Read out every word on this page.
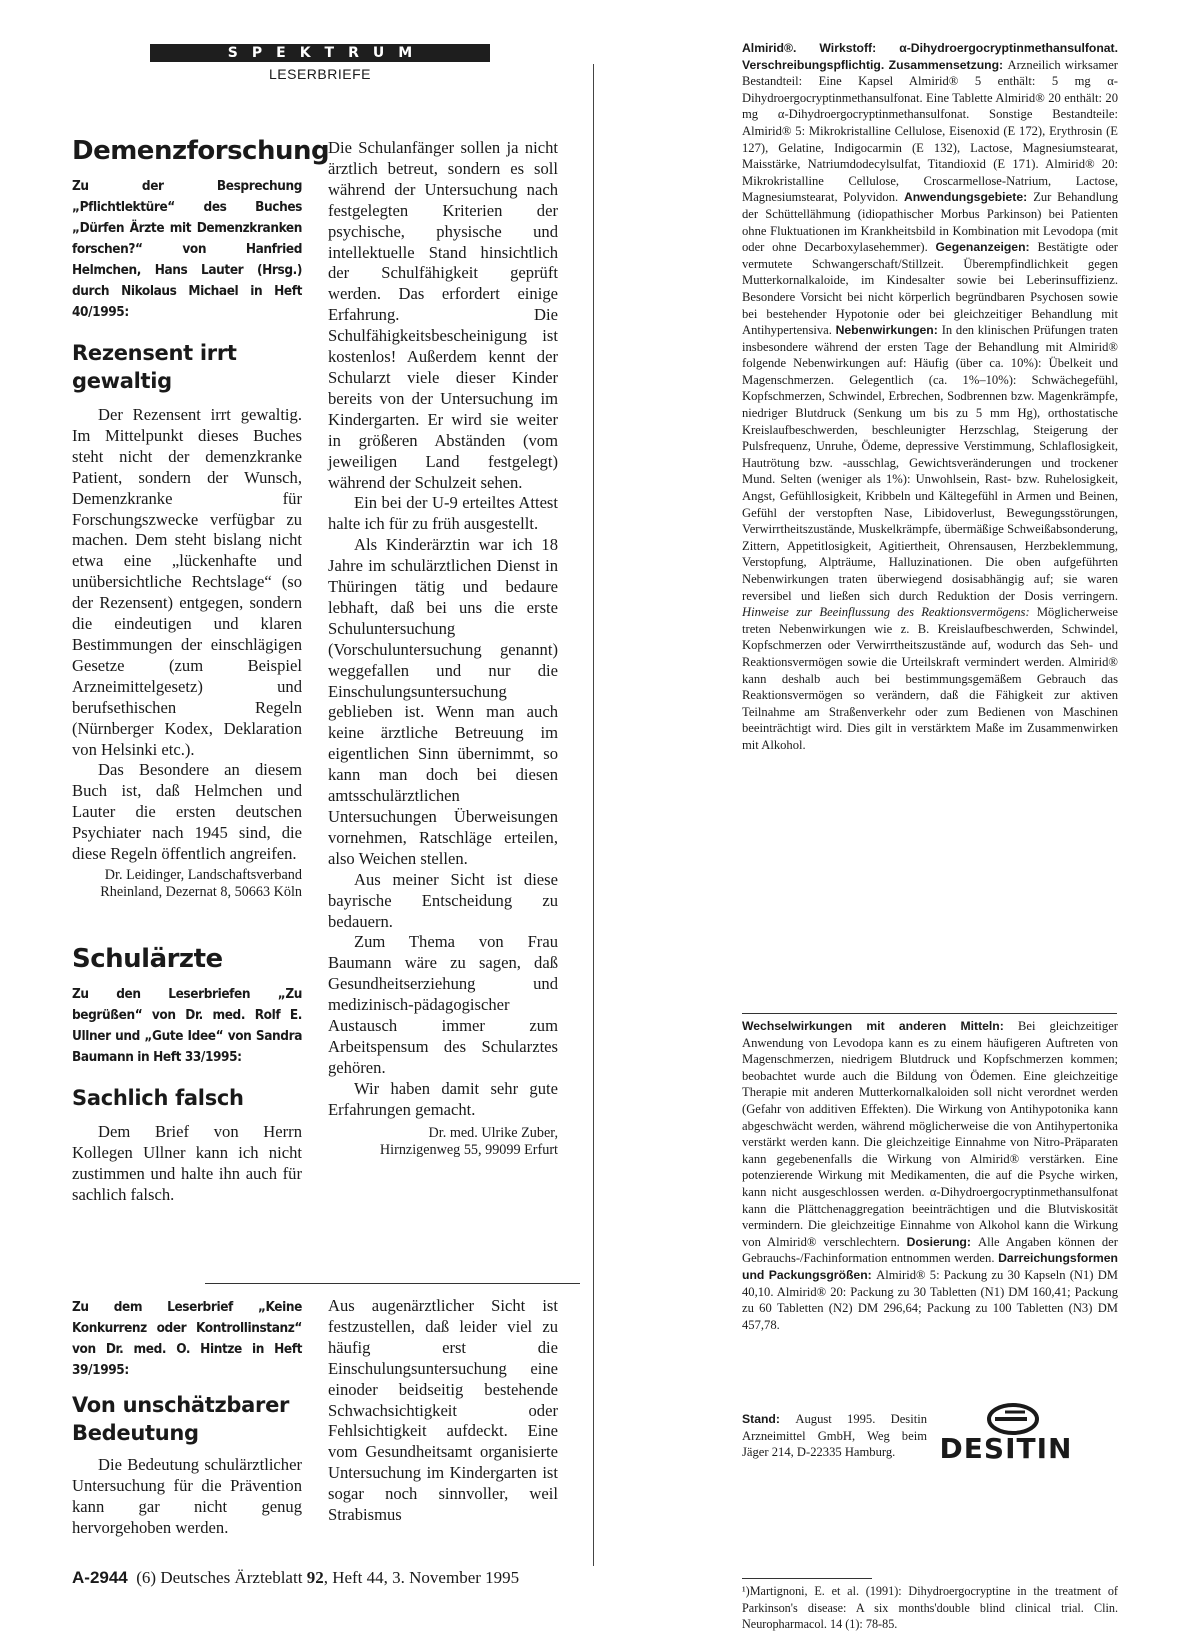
SPEKTRUM
LESERBRIEFE
Demenzforschung
Zu der Besprechung „Pflichtlektüre“ des Buches „Dürfen Ärzte mit Demenzkranken forschen?“ von Hanfried Helmchen, Hans Lauter (Hrsg.) durch Nikolaus Michael in Heft 40/1995:
Rezensent irrt gewaltig

Der Rezensent irrt gewaltig. Im Mittelpunkt dieses Buches steht nicht der demenzkranke Patient, sondern der Wunsch, Demenzkranke für Forschungszwecke verfügbar zu machen. Dem steht bislang nicht etwa eine „lückenhafte und unübersichtliche Rechtslage“ (so der Rezensent) entgegen, sondern die eindeutigen und klaren Bestimmungen der einschlägigen Gesetze (zum Beispiel Arzneimittelgesetz) und berufsethischen Regeln (Nürnberger Kodex, Deklaration von Helsinki etc.).

Das Besondere an diesem Buch ist, daß Helmchen und Lauter die ersten deutschen Psychiater nach 1945 sind, die diese Regeln öffentlich angreifen.

Dr. Leidinger, Landschaftsverband Rheinland, Dezernat 8, 50663 Köln
Schulärzte
Zu den Leserbriefen „Zu begrüßen“ von Dr. med. Rolf E. Ullner und „Gute Idee“ von Sandra Baumann in Heft 33/1995:
Sachlich falsch

Dem Brief von Herrn Kollegen Ullner kann ich nicht zustimmen und halte ihn auch für sachlich falsch.

Die Schulanfänger sollen ja nicht ärztlich betreut, sondern es soll während der Untersuchung nach festgelegten Kriterien der psychische, physische und intellektuelle Stand hinsichtlich der Schulfähigkeit geprüft werden. Das erfordert einige Erfahrung. Die Schulfähigkeitsbescheinigung ist kostenlos! Außerdem kennt der Schularzt viele dieser Kinder bereits von der Untersuchung im Kindergarten. Er wird sie weiter in größeren Abständen (vom jeweiligen Land festgelegt) während der Schulzeit sehen.

Ein bei der U-9 erteiltes Attest halte ich für zu früh ausgestellt.

Als Kinderärztin war ich 18 Jahre im schulärztlichen Dienst in Thüringen tätig und bedaure lebhaft, daß bei uns die erste Schuluntersuchung (Vorschuluntersuchung genannt) weggefallen und nur die Einschulungsuntersuchung geblieben ist. Wenn man auch keine ärztliche Betreuung im eigentlichen Sinn übernimmt, so kann man doch bei diesen amtsschulärztlichen Untersuchungen Überweisungen vornehmen, Ratschläge erteilen, also Weichen stellen.

Aus meiner Sicht ist diese bayrische Entscheidung zu bedauern.

Zum Thema von Frau Baumann wäre zu sagen, daß Gesundheitserziehung und medizinisch-pädagogischer Austausch immer zum Arbeitspensum des Schularztes gehören.

Wir haben damit sehr gute Erfahrungen gemacht.

Dr. med. Ulrike Zuber, Hirnzigenweg 55, 99099 Erfurt
Zu dem Leserbrief „Keine Konkurrenz oder Kontrollinstanz“ von Dr. med. O. Hintze in Heft 39/1995:
Von unschätzbarer Bedeutung

Die Bedeutung schulärztlicher Untersuchung für die Prävention kann gar nicht genug hervorgehoben werden.

Aus augenärztlicher Sicht ist festzustellen, daß leider viel zu häufig erst die Einschulungsuntersuchung eine einoder beidseitig bestehende Schwachsichtigkeit oder Fehlsichtigkeit aufdeckt. Eine vom Gesundheitsamt organisierte Untersuchung im Kindergarten ist sogar noch sinnvoller, weil Strabismus

Almirid®. Wirkstoff: α-Dihydroergocryptinmethansulfonat. Verschreibungspflichtig. Zusammensetzung: Arzneilich wirksamer Bestandteil: Eine Kapsel Almirid® 5 enthält: 5 mg α-Dihydroergocryptinmethansulfonat. Eine Tablette Almirid® 20 enthält: 20 mg α-Dihydroergocryptinmethansulfonat. Sonstige Bestandteile: Almirid® 5: Mikrokristalline Cellulose, Eisenoxid (E 172), Erythrosin (E 127), Gelatine, Indigocarmin (E 132), Lactose, Magnesiumstearat, Maisstärke, Natriumdodecylsulfat, Titandioxid (E 171). Almirid® 20: Mikrokristalline Cellulose, Croscarmellose-Natrium, Lactose, Magnesiumstearat, Polyvidon. Anwendungsgebiete: Zur Behandlung der Schüttellähmung (idiopathischer Morbus Parkinson) bei Patienten ohne Fluktuationen im Krankheitsbild in Kombination mit Levodopa (mit oder ohne Decarboxylasehemmer). Gegenanzeigen: Bestätigte oder vermutete Schwangerschaft/Stillzeit. Überempfindlichkeit gegen Mutterkornalkaloide, im Kindesalter sowie bei Leberinsuffizienz. Besondere Vorsicht bei nicht körperlich begründbaren Psychosen sowie bei bestehender Hypotonie oder bei gleichzeitiger Behandlung mit Antihypertensiva. Nebenwirkungen: In den klinischen Prüfungen traten insbesondere während der ersten Tage der Behandlung mit Almirid® folgende Nebenwirkungen auf: Häufig (über ca. 10%): Übelkeit und Magenschmerzen. Gelegentlich (ca. 1%–10%): Schwächegefühl, Kopfschmerzen, Schwindel, Erbrechen, Sodbrennen bzw. Magenkrämpfe, niedriger Blutdruck (Senkung um bis zu 5 mm Hg), orthostatische Kreislaufbeschwerden, beschleunigter Herzschlag, Steigerung der Pulsfrequenz, Unruhe, Ödeme, depressive Verstimmung, Schlaflosigkeit, Hautrötung bzw. -ausschlag, Gewichtsveränderungen und trockener Mund. Selten (weniger als 1%): Unwohlsein, Rast- bzw. Ruhelosigkeit, Angst, Gefühllosigkeit, Kribbeln und Kältegefühl in Armen und Beinen, Gefühl der verstopften Nase, Libidoverlust, Bewegungsstörungen, Verwirrtheitszustände, Muskelkrämpfe, übermäßige Schweißabsonderung, Zittern, Appetitlosigkeit, Agitiertheit, Ohrensausen, Herzbeklemmung, Verstopfung, Alpträume, Halluzinationen. Die oben aufgeführten Nebenwirkungen traten überwiegend dosisabhängig auf; sie waren reversibel und ließen sich durch Reduktion der Dosis verringern. Hinweise zur Beeinflussung des Reaktionsvermögens: Möglicherweise treten Nebenwirkungen wie z. B. Kreislaufbeschwerden, Schwindel, Kopfschmerzen oder Verwirrtheitszustände auf, wodurch das Seh- und Reaktionsvermögen sowie die Urteilskraft vermindert werden. Almirid® kann deshalb auch bei bestimmungsgemäßem Gebrauch das Reaktionsvermögen so verändern, daß die Fähigkeit zur aktiven Teilnahme am Straßenverkehr oder zum Bedienen von Maschinen beeinträchtigt wird. Dies gilt in verstärktem Maße im Zusammenwirken mit Alkohol.

Wechselwirkungen mit anderen Mitteln: Bei gleichzeitiger Anwendung von Levodopa kann es zu einem häufigeren Auftreten von Magenschmerzen, niedrigem Blutdruck und Kopfschmerzen kommen; beobachtet wurde auch die Bildung von Ödemen. Eine gleichzeitige Therapie mit anderen Mutterkornalkaloiden soll nicht verordnet werden (Gefahr von additiven Effekten). Die Wirkung von Antihypotonika kann abgeschwächt werden, während möglicherweise die von Antihypertonika verstärkt werden kann. Die gleichzeitige Einnahme von Nitro-Präparaten kann gegebenenfalls die Wirkung von Almirid® verstärken. Eine potenzierende Wirkung mit Medikamenten, die auf die Psyche wirken, kann nicht ausgeschlossen werden. α-Dihydroergocryptinmethansulfonat kann die Plättchenaggregation beeinträchtigen und die Blutviskosität vermindern. Die gleichzeitige Einnahme von Alkohol kann die Wirkung von Almirid® verschlechtern. Dosierung: Alle Angaben können der Gebrauchs-/Fachinformation entnommen werden. Darreichungsformen und Packungsgrößen: Almirid® 5: Packung zu 30 Kapseln (N1) DM 40,10. Almirid® 20: Packung zu 30 Tabletten (N1) DM 160,41; Packung zu 60 Tabletten (N2) DM 296,64; Packung zu 100 Tabletten (N3) DM 457,78.

Stand: August 1995. Desitin Arzneimittel GmbH, Weg beim Jäger 214, D-22335 Hamburg.	DESITIN

¹)Martignoni, E. et al. (1991): Dihydroergocryptine in the treatment of Parkinson's disease: A six months'double blind clinical trial. Clin. Neuropharmacol. 14 (1): 78-85.

A-2944 (6) Deutsches Ärzteblatt 92, Heft 44, 3. November 1995
